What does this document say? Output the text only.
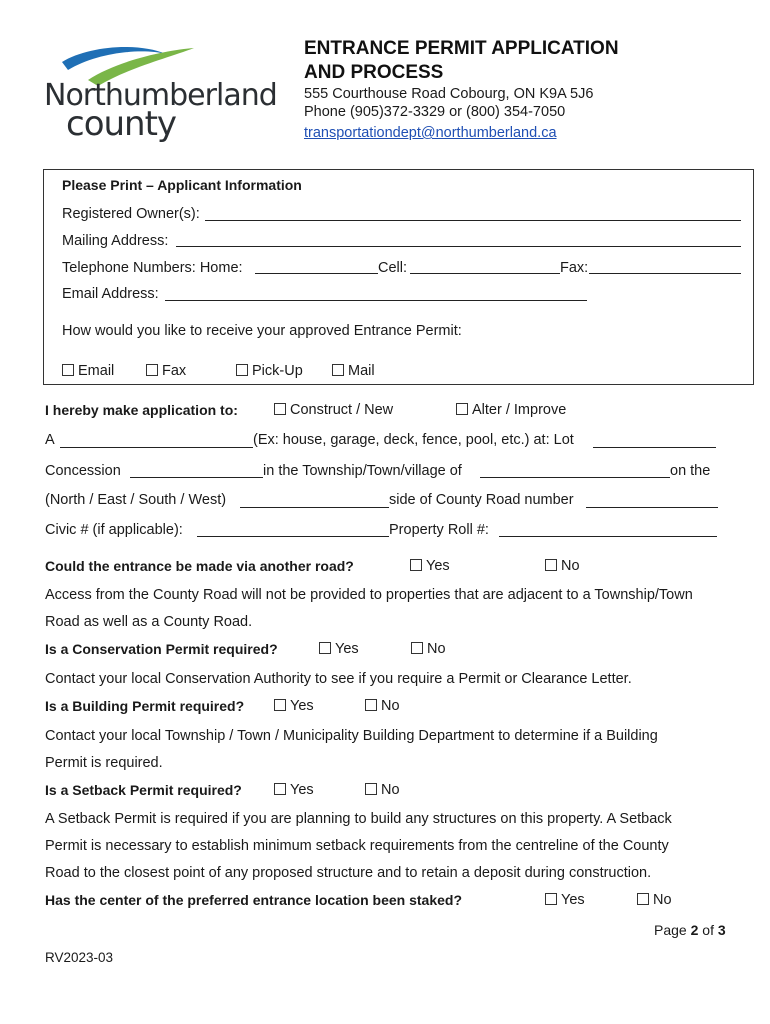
Northumberland
county
ENTRANCE PERMIT APPLICATION
AND PROCESS
555 Courthouse Road Cobourg, ON K9A 5J6
Phone (905)372-3329 or (800) 354-7050
transportationdept@northumberland.ca
Please Print – Applicant Information
Registered Owner(s):
Mailing Address:
Telephone Numbers: Home:	Cell:	Fax:
Email Address:
How would you like to receive your approved Entrance Permit:
Email	Fax	Pick-Up	Mail
I hereby make application to:	Construct / New	Alter / Improve
A	(Ex: house, garage, deck, fence, pool, etc.) at: Lot
Concession	in the Township/Town/village of	on the
(North / East / South / West)	side of County Road number
Civic # (if applicable):	Property Roll #:
Could the entrance be made via another road?	Yes	No
Access from the County Road will not be provided to properties that are adjacent to a Township/Town
Road as well as a County Road.
Is a Conservation Permit required?	Yes	No
Contact your local Conservation Authority to see if you require a Permit or Clearance Letter.
Is a Building Permit required?	Yes	No
Contact your local Township / Town / Municipality Building Department to determine if a Building
Permit is required.
Is a Setback Permit required?	Yes	No
A Setback Permit is required if you are planning to build any structures on this property. A Setback
Permit is necessary to establish minimum setback requirements from the centreline of the County
Road to the closest point of any proposed structure and to retain a deposit during construction.
Has the center of the preferred entrance location been staked?	Yes	No
Page 2 of 3
RV2023-03
